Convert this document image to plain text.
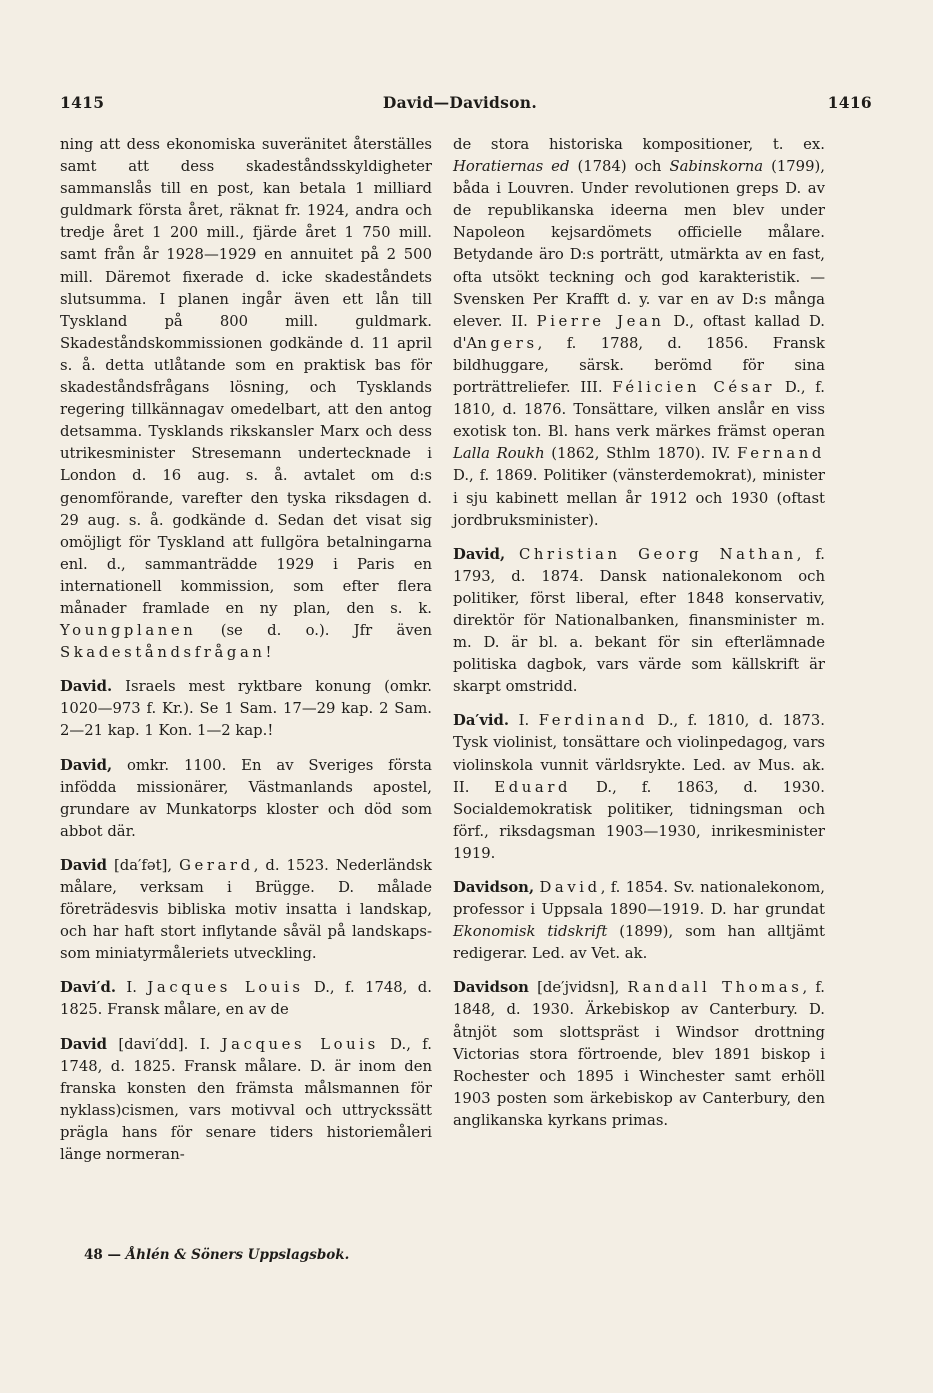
1415	David—Davidson.	1416

ning att dess ekonomiska suveränitet återställes samt att dess skadeståndsskyldigheter sammanslås till en post, kan betala 1 milliard guldmark första året, räknat fr. 1924, andra och tredje året 1 200 mill., fjärde året 1 750 mill. samt från år 1928—1929 en annuitet på 2 500 mill. Däremot fixerade d. icke skadeståndets slutsumma. I planen ingår även ett lån till Tyskland på 800 mill. guldmark. Skadeståndskommissionen godkände d. 11 april s. å. detta utlåtande som en praktisk bas för skadeståndsfrågans lösning, och Tysklands regering tillkännagav omedelbart, att den antog detsamma. Tysklands rikskansler Marx och dess utrikesminister Stresemann undertecknade i London d. 16 aug. s. å. avtalet om d:s genomförande, varefter den tyska riksdagen d. 29 aug. s. å. godkände d. Sedan det visat sig omöjligt för Tyskland att fullgöra betalningarna enl. d., sammanträdde 1929 i Paris en internationell kommission, som efter flera månader framlade en ny plan, den s. k. Youngplanen (se d. o.). Jfr även Skadeståndsfrågan!

David. Israels mest ryktbare konung (omkr. 1020—973 f. Kr.). Se 1 Sam. 17—29 kap. 2 Sam. 2—21 kap. 1 Kon. 1—2 kap.!

David, omkr. 1100. En av Sveriges första infödda missionärer, Västmanlands apostel, grundare av Munkatorps kloster och död som abbot där.

David [da′fət], Gerard, d. 1523. Nederländsk målare, verksam i Brügge. D. målade företrädesvis bibliska motiv insatta i landskap, och har haft stort inflytande såväl på landskaps- som miniatyrmåleriets utveckling.

Davi′d. I. Jacques Louis D., f. 1748, d. 1825. Fransk målare, en av de

David [davi′dd]. I. Jacques Louis D., f. 1748, d. 1825. Fransk målare. D. är inom den franska konsten den främsta målsmannen för nyklass)cismen, vars motivval och uttryckssätt prägla hans för senare tiders historiemåleri länge normeran-

de stora historiska kompositioner, t. ex. Horatiernas ed (1784) och Sabinskorna (1799), båda i Louvren. Under revolutionen greps D. av de republikanska ideerna men blev under Napoleon kejsardömets officielle målare. Betydande äro D:s porträtt, utmärkta av en fast, ofta utsökt teckning och god karakteristik. — Svensken Per Krafft d. y. var en av D:s många elever. II. Pierre Jean D., oftast kallad D. d'Angers, f. 1788, d. 1856. Fransk bildhuggare, särsk. berömd för sina porträttreliefer. III. Félicien César D., f. 1810, d. 1876. Tonsättare, vilken anslår en viss exotisk ton. Bl. hans verk märkes främst operan Lalla Roukh (1862, Sthlm 1870). IV. Fernand D., f. 1869. Politiker (vänsterdemokrat), minister i sju kabinett mellan år 1912 och 1930 (oftast jordbruksminister).

David, Christian Georg Nathan, f. 1793, d. 1874. Dansk nationalekonom och politiker, först liberal, efter 1848 konservativ, direktör för Nationalbanken, finansminister m. m. D. är bl. a. bekant för sin efterlämnade politiska dagbok, vars värde som källskrift är skarpt omstridd.

Da′vid. I. Ferdinand D., f. 1810, d. 1873. Tysk violinist, tonsättare och violinpedagog, vars violinskola vunnit världsrykte. Led. av Mus. ak. II. Eduard D., f. 1863, d. 1930. Socialdemokratisk politiker, tidningsman och förf., riksdagsman 1903—1930, inrikesminister 1919.

Davidson, David, f. 1854. Sv. nationalekonom, professor i Uppsala 1890—1919. D. har grundat Ekonomisk tidskrift (1899), som han alltjämt redigerar. Led. av Vet. ak.

Davidson [de′jvidsn], Randall Thomas, f. 1848, d. 1930. Ärkebiskop av Canterbury. D. åtnjöt som slottspräst i Windsor drottning Victorias stora förtroende, blev 1891 biskop i Rochester och 1895 i Winchester samt erhöll 1903 posten som ärkebiskop av Canterbury, den anglikanska kyrkans primas.

48 — Åhlén & Söners Uppslagsbok.
